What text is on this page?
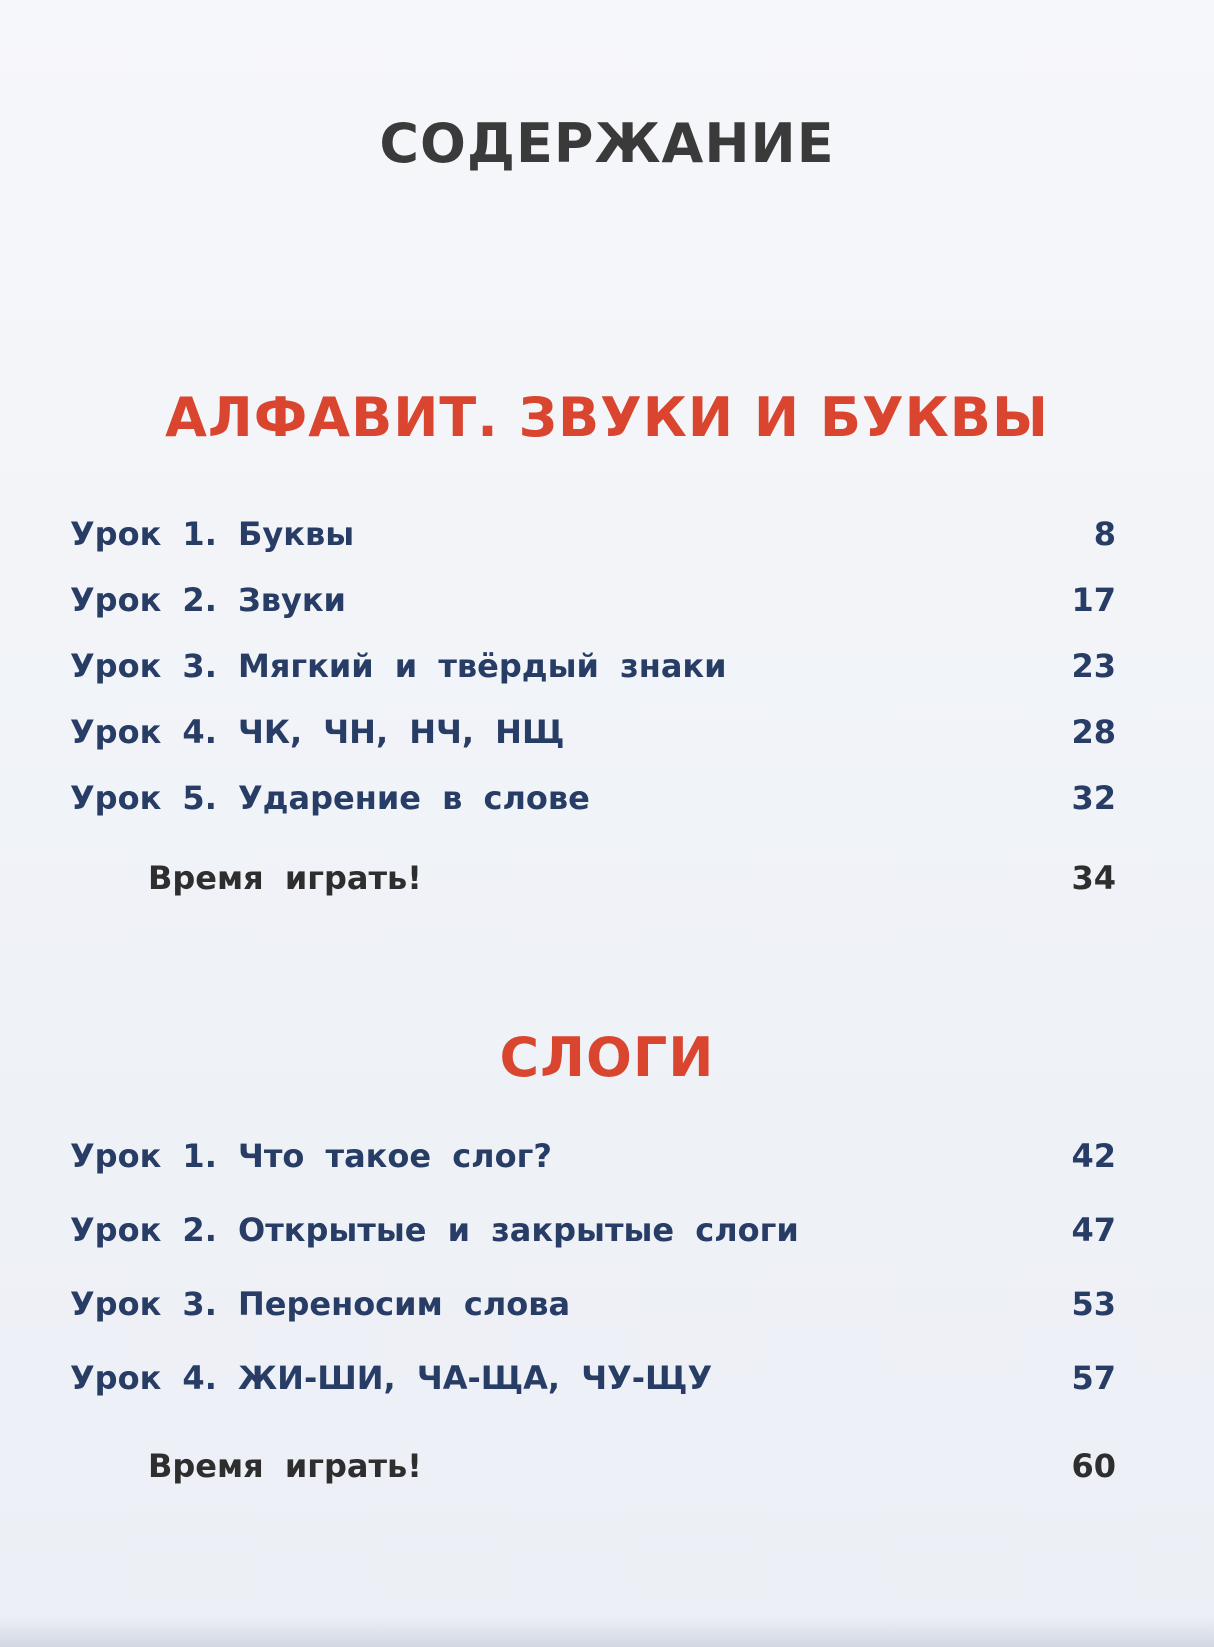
СОДЕРЖАНИЕ
АЛФАВИТ. ЗВУКИ И БУКВЫ
Урок 1. Буквы	8
Урок 2. Звуки	17
Урок 3. Мягкий и твёрдый знаки	23
Урок 4. ЧК, ЧН, НЧ, НЩ	28
Урок 5. Ударение в слове	32
Время играть!	34
СЛОГИ
Урок 1. Что такое слог?	42
Урок 2. Открытые и закрытые слоги	47
Урок 3. Переносим слова	53
Урок 4. ЖИ-ШИ, ЧА-ЩА, ЧУ-ЩУ	57
Время играть!	60
